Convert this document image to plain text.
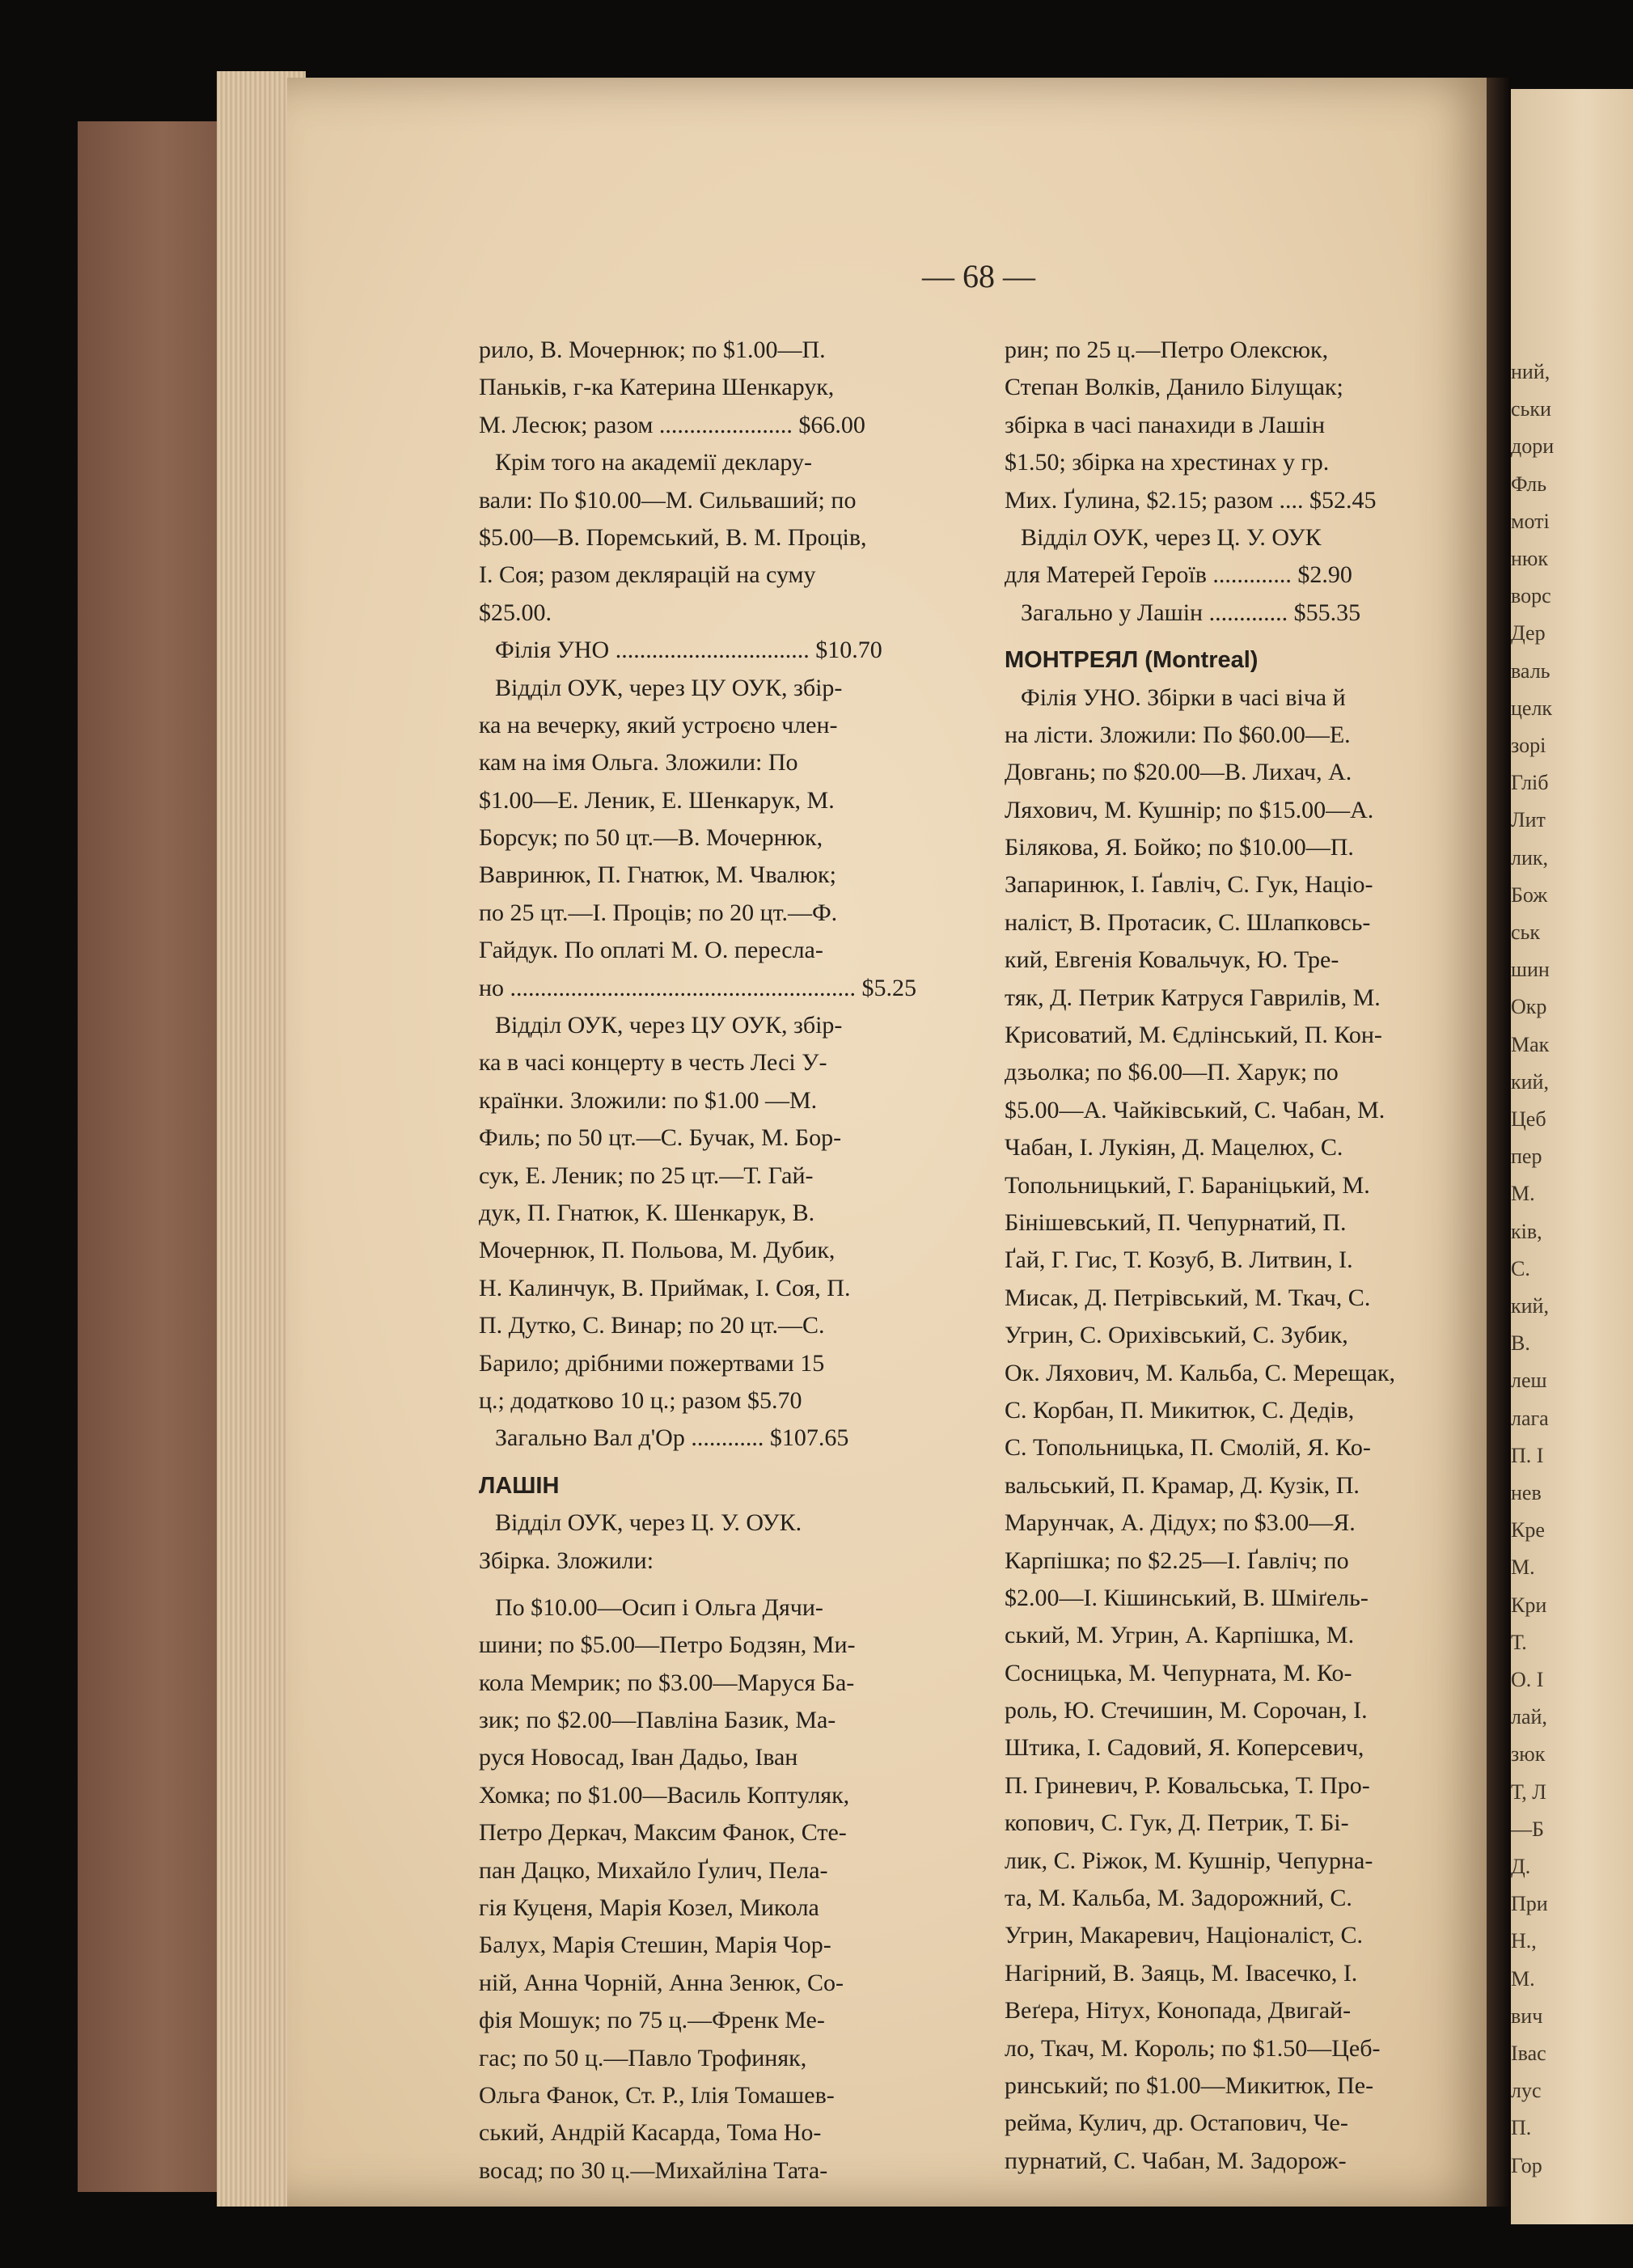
ний,
ськи
дори
Фль
моті
нюк
ворс
Дер
валь
целк
зорі
Гліб
Лит
лик,
Бож
ськ
шин
Окр
Мак
кий,
Цеб
пер
М.
ків,
С.
кий,
В.
леш
лага
П. І
нев
Кре
М.
Кри
Т.
О. І
лай,
зюк
Т, Л
—Б
Д.
При
Н.,
М.
вич
Івас
лус
П.
Гор
— 68 —
рило, В. Мочернюк; по $1.00—П.
Паньків, г-ка Катерина Шенкарук,
М. Лесюк; разом ...................... $66.00
Крім того на академії деклару-
вали: По $10.00—М. Сильваший; по
$5.00—В. Поремський, В. М. Проців,
І. Соя; разом деклярацій на суму
$25.00.
Філія УНО ................................ $10.70
Відділ ОУК, через ЦУ ОУК, збір-
ка на вечерку, який устроєно член-
кам на імя Ольга. Зложили: По
$1.00—Е. Леник, Е. Шенкарук, М.
Борсук; по 50 цт.—В. Мочернюк,
Вавринюк, П. Гнатюк, М. Чвалюк;
по 25 цт.—І. Проців; по 20 цт.—Ф.
Гайдук. По оплаті М. О. переслa-
но ......................................................... $5.25
Відділ ОУК, через ЦУ ОУК, збір-
ка в часі концерту в честь Лесі У-
країнки. Зложили: по $1.00 —М.
Филь; по 50 цт.—С. Бучак, М. Бор-
сук, Е. Леник; по 25 цт.—Т. Гай-
дук, П. Гнатюк, К. Шенкарук, В.
Мочернюк, П. Польова, М. Дубик,
Н. Калинчук, В. Приймак, І. Соя, П.
П. Дутко, С. Винар; по 20 цт.—С.
Барило; дрібними пожертвами 15
ц.; додатково 10 ц.; разом $5.70
Загально Вал д'Ор ............ $107.65
ЛАШІН
Відділ ОУК, через Ц. У. ОУК.
Збірка. Зложили:
По $10.00—Осип і Ольга Дячи-
шини; по $5.00—Петро Бодзян, Ми-
кола Мемрик; по $3.00—Маруся Ба-
зик; по $2.00—Павліна Базик, Ма-
руся Новосад, Іван Дадьо, Іван
Хомка; по $1.00—Василь Коптуляк,
Петро Деркач, Максим Фанок, Сте-
пан Дацко, Михайло Ґулич, Пела-
гія Куценя, Марія Козел, Микола
Балух, Марія Стешин, Марія Чор-
ній, Анна Чорній, Анна Зенюк, Со-
фія Мошук; по 75 ц.—Френк Ме-
гас; по 50 ц.—Павло Трофиняк,
Ольга Фанок, Ст. Р., Ілія Томашев-
ський, Андрій Касарда, Тома Но-
восад; по 30 ц.—Михайліна Тата-
рин; по 25 ц.—Петро Олексюк,
Степан Волків, Данило Білущак;
збірка в часі панахиди в Лашін
$1.50; збірка на хрестинах у гр.
Мих. Ґулина, $2.15; разом .... $52.45
Відділ ОУК, через Ц. У. ОУК
для Матерей Героїв ............. $2.90
Загально у Лашін ............. $55.35
МОНТРЕЯЛ (Montreal)
Філія УНО. Збірки в часі віча й
на лісти. Зложили: По $60.00—Е.
Довгань; по $20.00—В. Лихач, А.
Ляхович, М. Кушнір; по $15.00—А.
Білякова, Я. Бойко; по $10.00—П.
Запаринюк, І. Ґавліч, С. Гук, Націо-
наліст, В. Протасик, С. Шлапковсь-
кий, Евгенія Ковальчук, Ю. Тре-
тяк, Д. Петрик Катруся Гаврилів, М.
Крисоватий, М. Єдлінський, П. Кон-
дзьолка; по $6.00—П. Харук; по
$5.00—А. Чайківський, С. Чабан, М.
Чабан, І. Лукіян, Д. Мацелюх, С.
Топольницький, Г. Бараніцький, М.
Бінішевський, П. Чепурнатий, П.
Ґай, Г. Гис, Т. Козуб, В. Литвин, І.
Мисак, Д. Петрівський, М. Ткач, С.
Угрин, С. Орихівський, С. Зубик,
Ок. Ляхович, М. Кальба, С. Мерещак,
С. Корбан, П. Микитюк, С. Дедів,
С. Топольницька, П. Смолій, Я. Ко-
вальський, П. Крамар, Д. Кузік, П.
Марунчак, А. Дідух; по $3.00—Я.
Карпішка; по $2.25—І. Ґавліч; по
$2.00—І. Кішинський, В. Шміґель-
ський, М. Угрин, А. Карпішка, М.
Сосницька, М. Чепурната, М. Ко-
роль, Ю. Стечишин, М. Сорочан, І.
Штика, І. Садовий, Я. Коперсевич,
П. Гриневич, Р. Ковальська, Т. Про-
копович, С. Гук, Д. Петрик, Т. Бі-
лик, С. Ріжок, М. Кушнір, Чепурна-
та, М. Кальба, М. Задорожний, С.
Угрин, Макаревич, Націоналіст, С.
Нагірний, В. Заяць, М. Івасечко, І.
Веґера, Нітух, Конопада, Двигай-
ло, Ткач, М. Король; по $1.50—Цеб-
ринський; по $1.00—Микитюк, Пе-
рейма, Кулич, др. Остапович, Че-
пурнатий, С. Чабан, М. Задорож-
